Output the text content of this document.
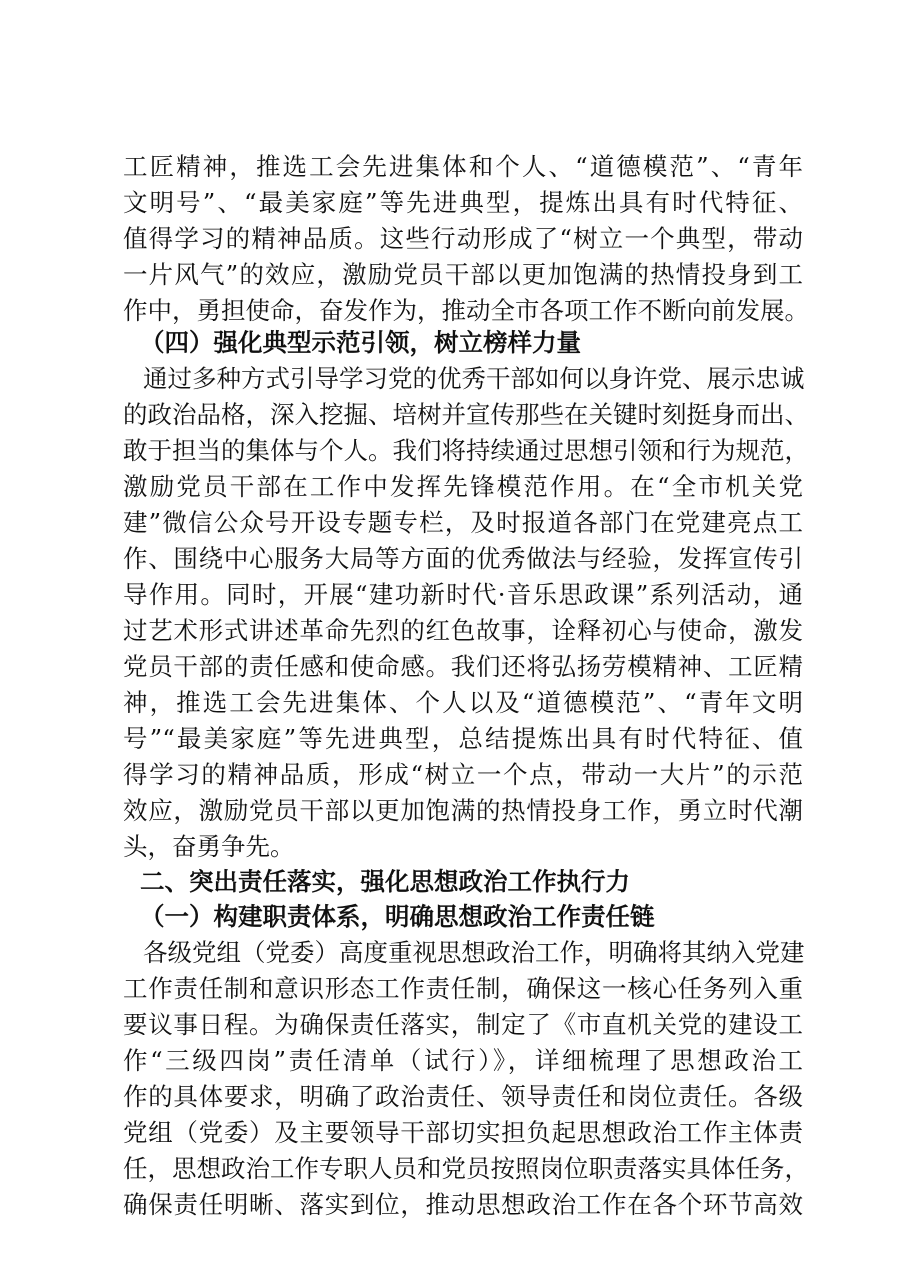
工匠精神，推选工会先进集体和个人、“道德模范”、“青年
文明号”、“最美家庭”等先进典型，提炼出具有时代特征、
值得学习的精神品质。这些行动形成了“树立一个典型，带动
一片风气”的效应，激励党员干部以更加饱满的热情投身到工
作中，勇担使命，奋发作为，推动全市各项工作不断向前发展。
（四）强化典型示范引领，树立榜样力量
通过多种方式引导学习党的优秀干部如何以身许党、展示忠诚
的政治品格，深入挖掘、培树并宣传那些在关键时刻挺身而出、
敢于担当的集体与个人。我们将持续通过思想引领和行为规范，
激励党员干部在工作中发挥先锋模范作用。在“全市机关党
建”微信公众号开设专题专栏，及时报道各部门在党建亮点工
作、围绕中心服务大局等方面的优秀做法与经验，发挥宣传引
导作用。同时，开展“建功新时代·音乐思政课”系列活动，通
过艺术形式讲述革命先烈的红色故事，诠释初心与使命，激发
党员干部的责任感和使命感。我们还将弘扬劳模精神、工匠精
神，推选工会先进集体、个人以及“道德模范”、“青年文明
号”“最美家庭”等先进典型，总结提炼出具有时代特征、值
得学习的精神品质，形成“树立一个点，带动一大片”的示范
效应，激励党员干部以更加饱满的热情投身工作，勇立时代潮
头，奋勇争先。
二、突出责任落实，强化思想政治工作执行力
（一）构建职责体系，明确思想政治工作责任链
各级党组（党委）高度重视思想政治工作，明确将其纳入党建
工作责任制和意识形态工作责任制，确保这一核心任务列入重
要议事日程。为确保责任落实，制定了《市直机关党的建设工
作“三级四岗”责任清单（试行）》，详细梳理了思想政治工
作的具体要求，明确了政治责任、领导责任和岗位责任。各级
党组（党委）及主要领导干部切实担负起思想政治工作主体责
任，思想政治工作专职人员和党员按照岗位职责落实具体任务，
确保责任明晰、落实到位，推动思想政治工作在各个环节高效
